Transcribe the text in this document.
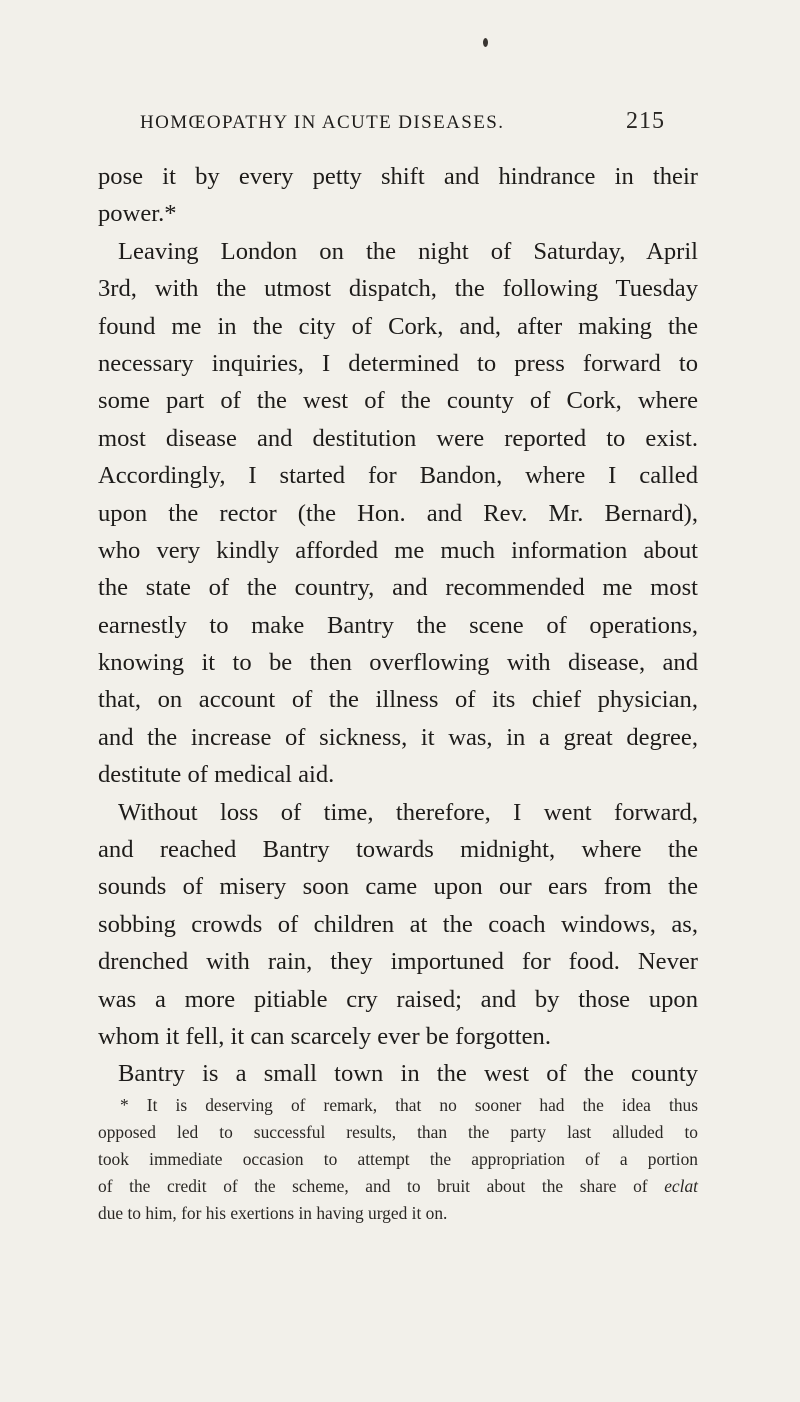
HOMŒOPATHY IN ACUTE DISEASES.	215
pose it by every petty shift and hindrance in their
power.*
Leaving London on the night of Saturday, April
3rd, with the utmost dispatch, the following Tuesday
found me in the city of Cork, and, after making the
necessary inquiries, I determined to press forward to
some part of the west of the county of Cork, where
most disease and destitution were reported to exist.
Accordingly, I started for Bandon, where I called
upon the rector (the Hon. and Rev. Mr. Bernard),
who very kindly afforded me much information about
the state of the country, and recommended me most
earnestly to make Bantry the scene of operations,
knowing it to be then overflowing with disease, and
that, on account of the illness of its chief physician,
and the increase of sickness, it was, in a great degree,
destitute of medical aid.
Without loss of time, therefore, I went forward,
and reached Bantry towards midnight, where the
sounds of misery soon came upon our ears from the
sobbing crowds of children at the coach windows, as,
drenched with rain, they importuned for food. Never
was a more pitiable cry raised; and by those upon
whom it fell, it can scarcely ever be forgotten.
Bantry is a small town in the west of the county
* It is deserving of remark, that no sooner had the idea thus
opposed led to successful results, than the party last alluded to
took immediate occasion to attempt the appropriation of a portion
of the credit of the scheme, and to bruit about the share of eclat
due to him, for his exertions in having urged it on.
